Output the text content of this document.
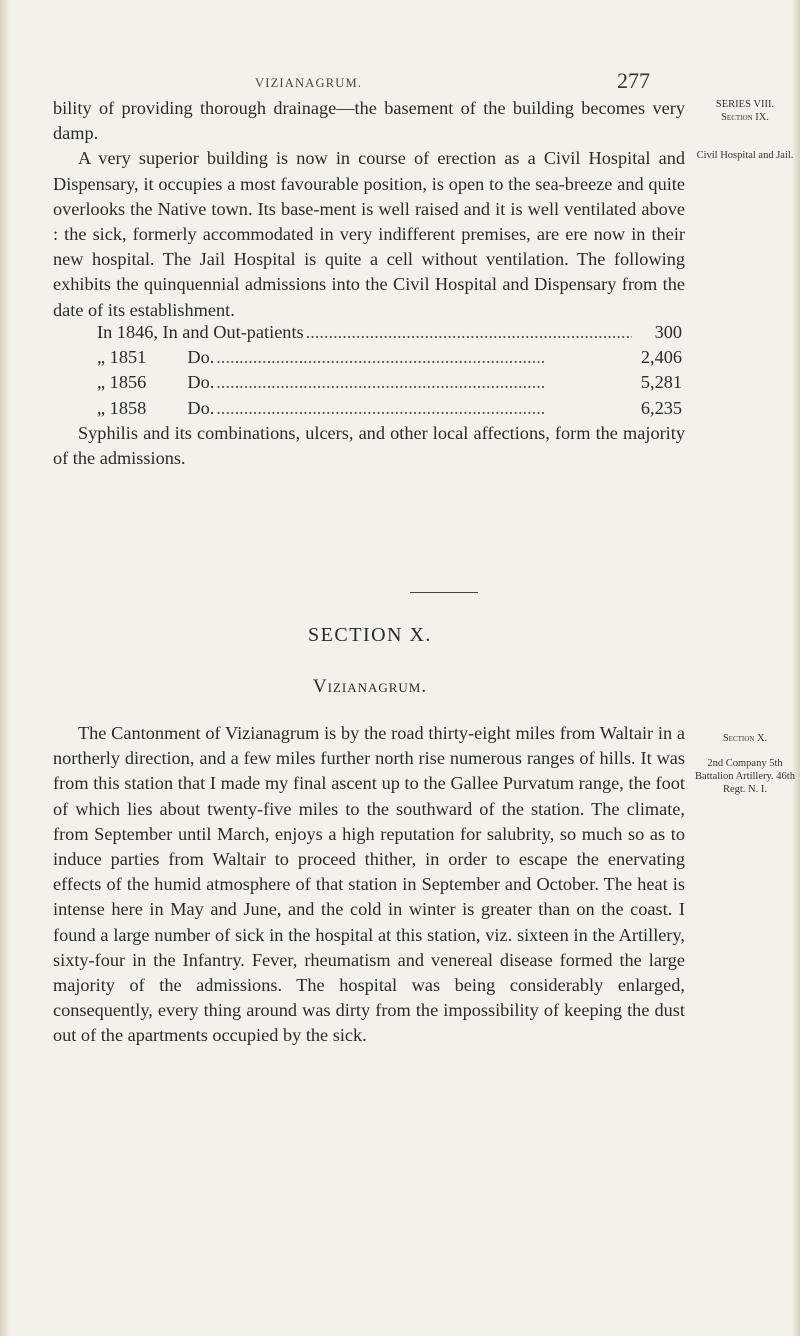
VIZIANAGRUM.	277
SERIES VIII.
Section IX.
Civil Hospital and Jail.

bility of providing thorough drainage—the basement of the building becomes very damp.

A very superior building is now in course of erection as a Civil Hospital and Dispensary, it occupies a most favourable position, is open to the sea-breeze and quite overlooks the Native town. Its base-ment is well raised and it is well ventilated above : the sick, formerly accommodated in very indifferent premises, are ere now in their new hospital. The Jail Hospital is quite a cell without ventilation. The following exhibits the quinquennial admissions into the Civil Hospital and Dispensary from the date of its establishment.

In 1846, In and Out-patients .....	300
„ 1851         Do. .....	2,406
„ 1856         Do. .....	5,281
„ 1858         Do. .....	6,235

Syphilis and its combinations, ulcers, and other local affections, form the majority of the admissions.

SECTION X.
Vizianagrum.
Section X.
2nd Company 5th Battalion Artillery. 46th Regt. N. I.

The Cantonment of Vizianagrum is by the road thirty-eight miles from Waltair in a northerly direction, and a few miles further north rise numerous ranges of hills. It was from this station that I made my final ascent up to the Gallee Purvatum range, the foot of which lies about twenty-five miles to the southward of the station. The climate, from September until March, enjoys a high reputation for salubrity, so much so as to induce parties from Waltair to proceed thither, in order to escape the enervating effects of the humid atmosphere of that station in September and October. The heat is intense here in May and June, and the cold in winter is greater than on the coast. I found a large number of sick in the hospital at this station, viz. sixteen in the Artillery, sixty-four in the Infantry. Fever, rheumatism and venereal disease formed the large majority of the admissions. The hospital was being considerably enlarged, consequently, every thing around was dirty from the impossibility of keeping the dust out of the apartments occupied by the sick.
